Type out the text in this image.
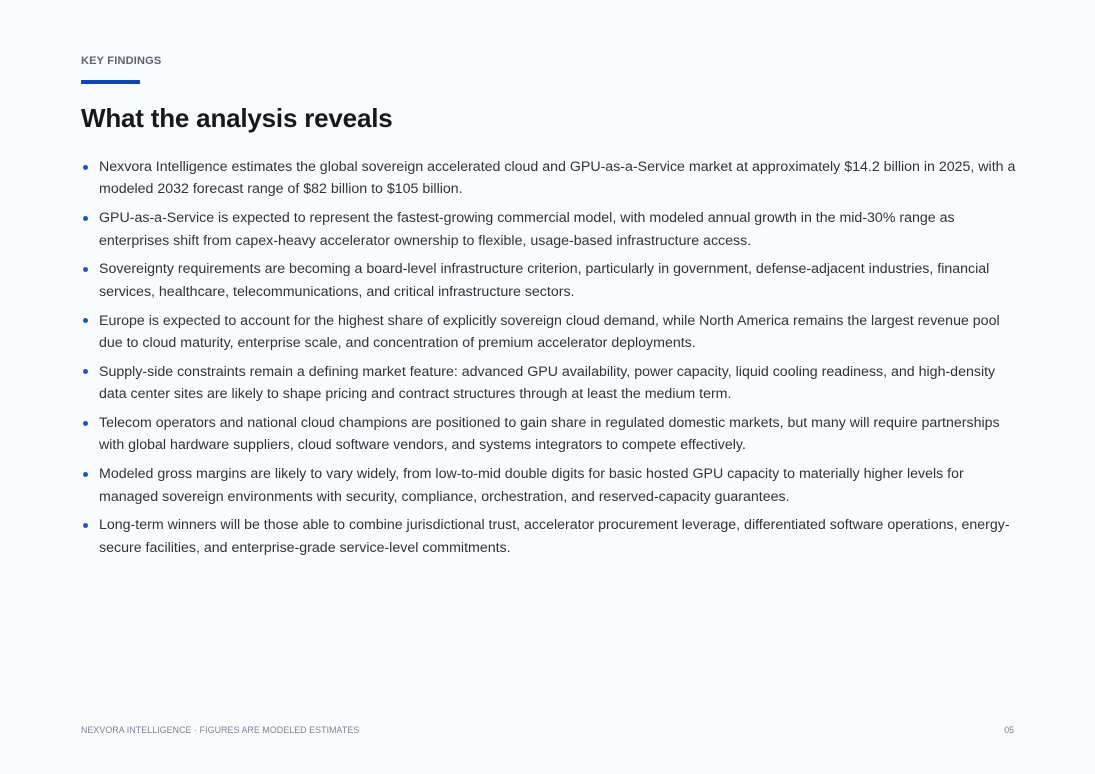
KEY FINDINGS
What the analysis reveals
Nexvora Intelligence estimates the global sovereign accelerated cloud and GPU-as-a-Service market at approximately $14.2 billion in 2025, with a modeled 2032 forecast range of $82 billion to $105 billion.
GPU-as-a-Service is expected to represent the fastest-growing commercial model, with modeled annual growth in the mid-30% range as enterprises shift from capex-heavy accelerator ownership to flexible, usage-based infrastructure access.
Sovereignty requirements are becoming a board-level infrastructure criterion, particularly in government, defense-adjacent industries, financial services, healthcare, telecommunications, and critical infrastructure sectors.
Europe is expected to account for the highest share of explicitly sovereign cloud demand, while North America remains the largest revenue pool due to cloud maturity, enterprise scale, and concentration of premium accelerator deployments.
Supply-side constraints remain a defining market feature: advanced GPU availability, power capacity, liquid cooling readiness, and high-density data center sites are likely to shape pricing and contract structures through at least the medium term.
Telecom operators and national cloud champions are positioned to gain share in regulated domestic markets, but many will require partnerships with global hardware suppliers, cloud software vendors, and systems integrators to compete effectively.
Modeled gross margins are likely to vary widely, from low-to-mid double digits for basic hosted GPU capacity to materially higher levels for managed sovereign environments with security, compliance, orchestration, and reserved-capacity guarantees.
Long-term winners will be those able to combine jurisdictional trust, accelerator procurement leverage, differentiated software operations, energy-secure facilities, and enterprise-grade service-level commitments.
NEXVORA INTELLIGENCE · FIGURES ARE MODELED ESTIMATES	05
